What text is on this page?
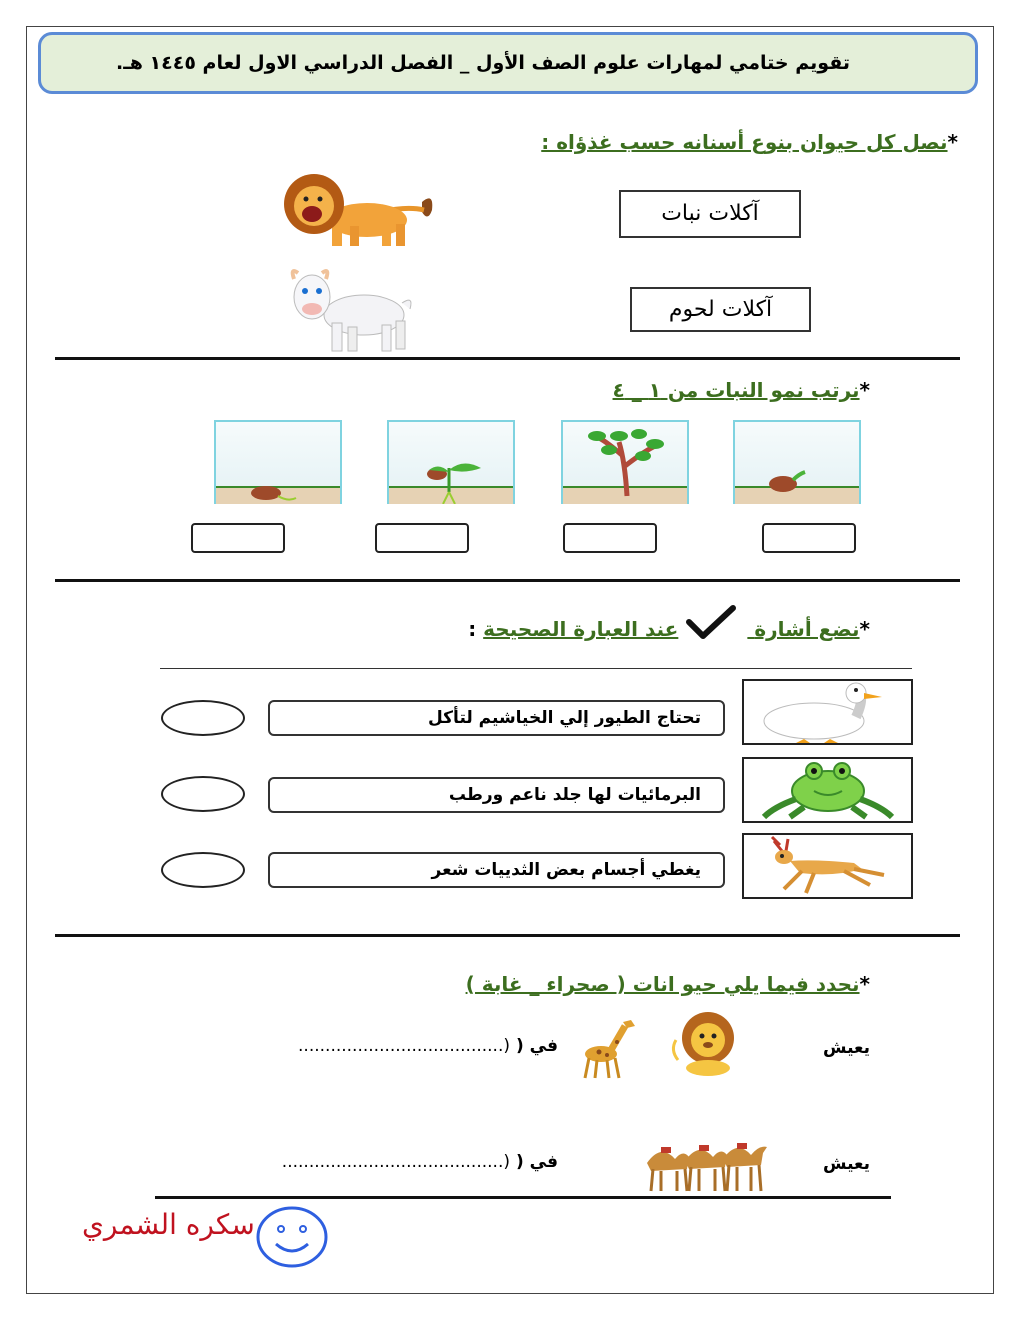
تقويم ختامي لمهارات علوم الصف الأول _ الفصل الدراسي الاول لعام ١٤٤٥ هـ.
*نصل كل حيوان بنوع أسنانه حسب غذؤاه :
آكلات نبات
آكلات لحوم
*نرتب نمو النبات من ١ _ ٤
*نضع أشارة عند العبارة الصحيحة :
تحتاج الطيور إلي الخياشيم لتأكل
البرمائيات لها جلد ناعم ورطب
يغطي أجسام بعض الثدييات شعر
*نحدد فيما يلي حيو انات ( صحراء _ غابة )
يعيش
في (
......................................)
يعيش
في (
.........................................)
سكره الشمري
